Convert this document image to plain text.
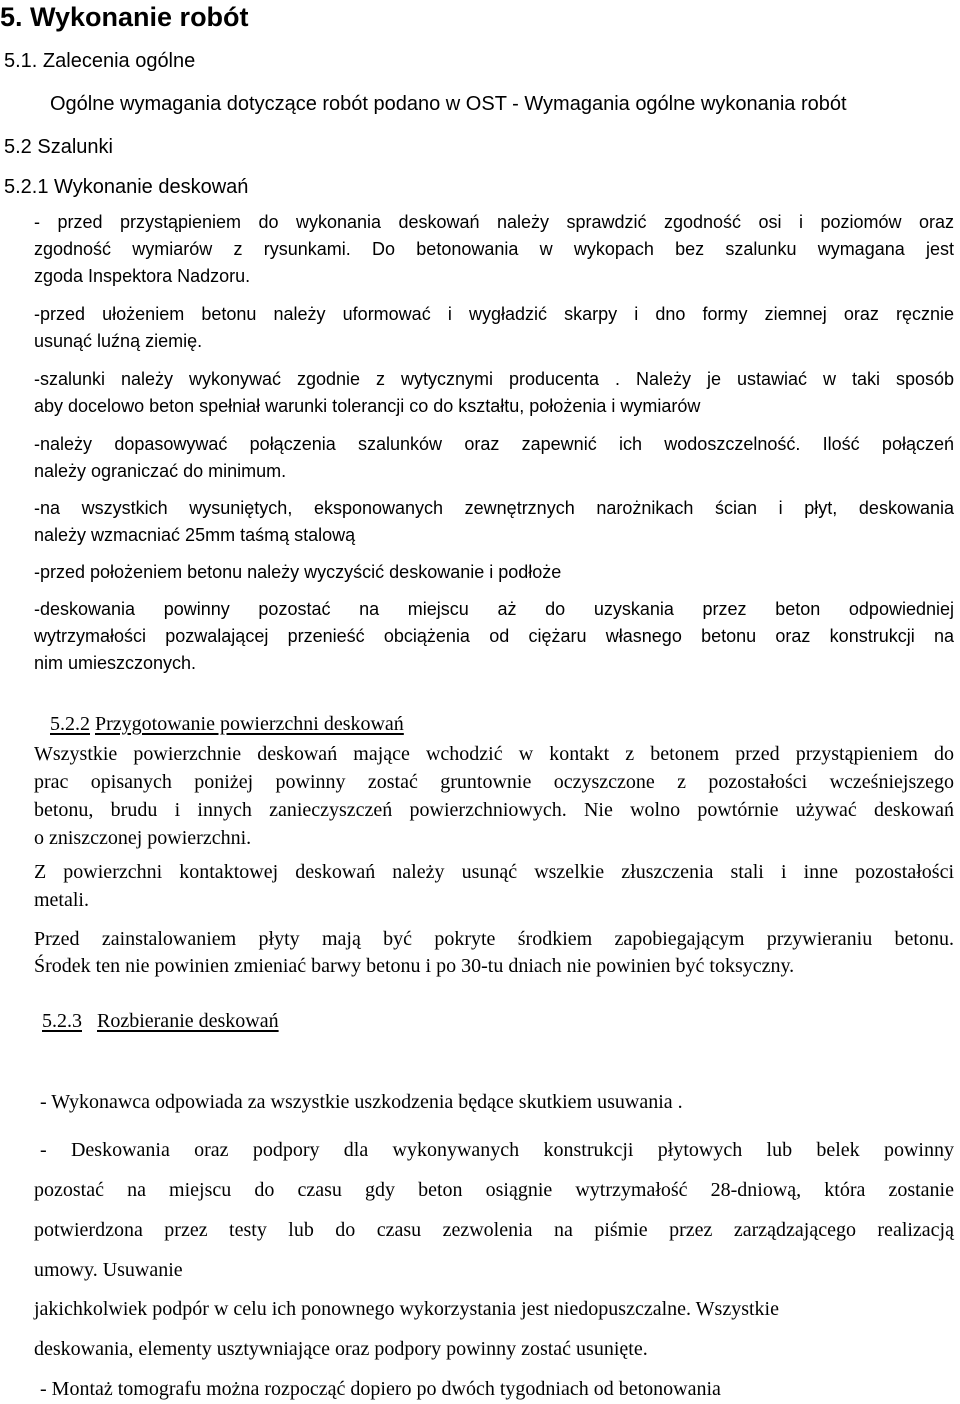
5. Wykonanie robót
5.1. Zalecenia ogólne
Ogólne wymagania dotyczące robót podano w OST - Wymagania ogólne wykonania robót
5.2 Szalunki
5.2.1 Wykonanie deskowań
- przed przystąpieniem do wykonania deskowań należy sprawdzić zgodność osi i poziomów oraz
zgodność wymiarów z rysunkami. Do betonowania w wykopach bez szalunku wymagana jest
zgoda Inspektora Nadzoru.
-przed ułożeniem betonu należy uformować i wygładzić skarpy i dno formy ziemnej oraz ręcznie
usunąć luźną ziemię.
-szalunki należy wykonywać zgodnie z wytycznymi producenta . Należy je ustawiać w taki sposób
aby docelowo beton spełniał warunki tolerancji co do kształtu, położenia i wymiarów
-należy dopasowywać połączenia szalunków oraz zapewnić ich wodoszczelność. Ilość połączeń
należy ograniczać do minimum.
-na wszystkich wysuniętych, eksponowanych zewnętrznych narożnikach ścian i płyt, deskowania
należy wzmacniać 25mm taśmą stalową
-przed położeniem betonu należy wyczyścić deskowanie i podłoże
-deskowania powinny pozostać na miejscu aż do uzyskania przez beton odpowiedniej
wytrzymałości pozwalającej przenieść obciążenia od ciężaru własnego betonu oraz konstrukcji na
nim umieszczonych.
5.2.2 Przygotowanie powierzchni deskowań
Wszystkie powierzchnie deskowań mające wchodzić w kontakt z betonem przed przystąpieniem do
prac opisanych poniżej powinny zostać gruntownie oczyszczone z pozostałości wcześniejszego
betonu, brudu i innych zanieczyszczeń powierzchniowych. Nie wolno powtórnie używać deskowań
o zniszczonej powierzchni.
Z powierzchni kontaktowej deskowań należy usunąć wszelkie złuszczenia stali i inne pozostałości
metali.
Przed zainstalowaniem płyty mają być pokryte środkiem zapobiegającym przywieraniu betonu.
Środek ten nie powinien zmieniać barwy betonu i po 30-tu dniach nie powinien być toksyczny.
5.2.3 Rozbieranie deskowań
- Wykonawca odpowiada za wszystkie uszkodzenia będące skutkiem usuwania .
- Deskowania oraz podpory dla wykonywanych konstrukcji płytowych lub belek powinny
pozostać na miejscu do czasu gdy beton osiągnie wytrzymałość 28-dniową, która zostanie
potwierdzona przez testy lub do czasu zezwolenia na piśmie przez zarządzającego realizacją
umowy. Usuwanie
jakichkolwiek podpór w celu ich ponownego wykorzystania jest niedopuszczalne. Wszystkie
deskowania, elementy usztywniające oraz podpory powinny zostać usunięte.
- Montaż tomografu można rozpocząć dopiero po dwóch tygodniach od betonowania
